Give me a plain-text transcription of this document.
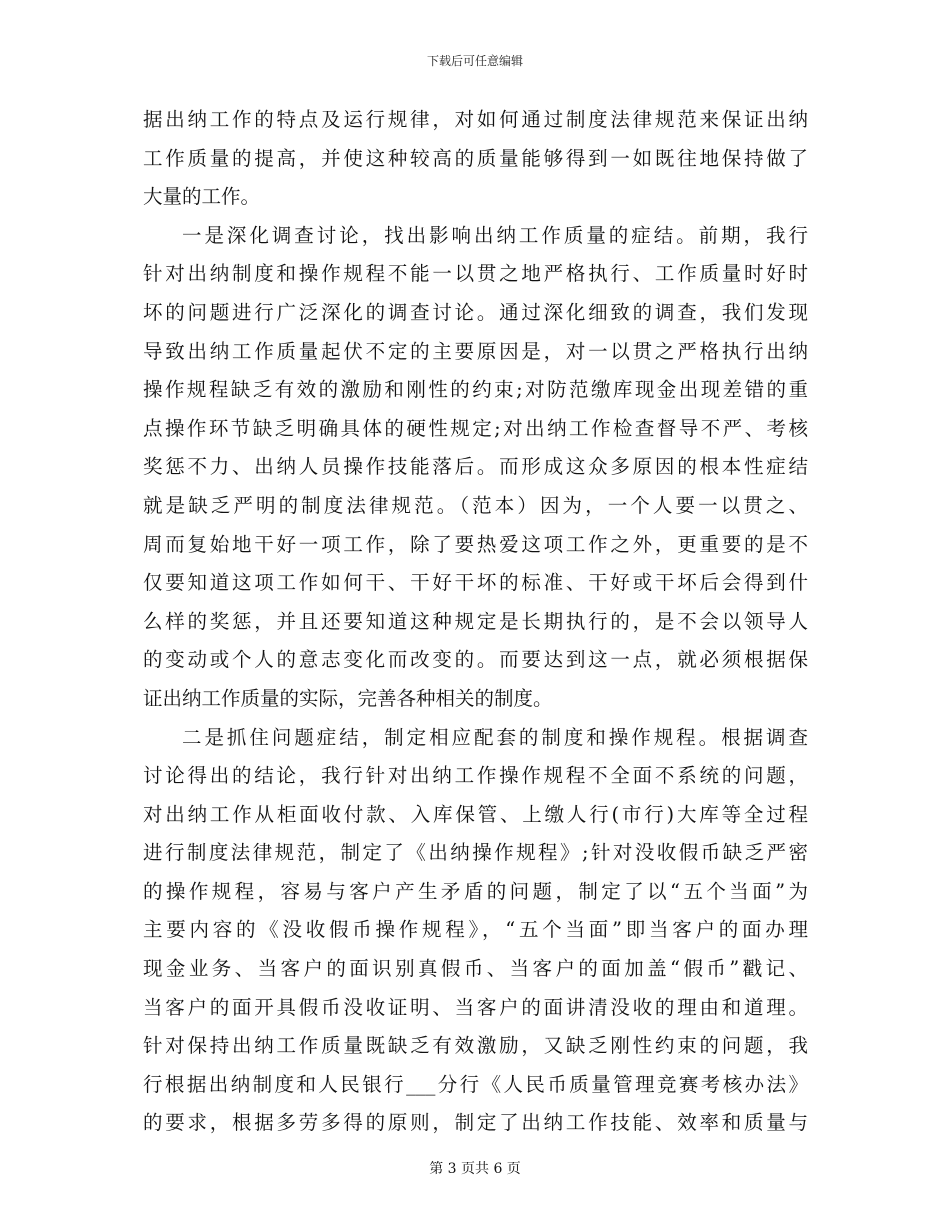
下载后可任意编辑
据出纳工作的特点及运行规律，对如何通过制度法律规范来保证出纳
工作质量的提高，并使这种较高的质量能够得到一如既往地保持做了
大量的工作。
一是深化调查讨论，找出影响出纳工作质量的症结。前期，我行
针对出纳制度和操作规程不能一以贯之地严格执行、工作质量时好时
坏的问题进行广泛深化的调查讨论。通过深化细致的调查，我们发现
导致出纳工作质量起伏不定的主要原因是，对一以贯之严格执行出纳
操作规程缺乏有效的激励和刚性的约束;对防范缴库现金出现差错的重
点操作环节缺乏明确具体的硬性规定;对出纳工作检查督导不严、考核
奖惩不力、出纳人员操作技能落后。而形成这众多原因的根本性症结
就是缺乏严明的制度法律规范。（范本）因为，一个人要一以贯之、
周而复始地干好一项工作，除了要热爱这项工作之外，更重要的是不
仅要知道这项工作如何干、干好干坏的标准、干好或干坏后会得到什
么样的奖惩，并且还要知道这种规定是长期执行的，是不会以领导人
的变动或个人的意志变化而改变的。而要达到这一点，就必须根据保
证出纳工作质量的实际，完善各种相关的制度。
二是抓住问题症结，制定相应配套的制度和操作规程。根据调查
讨论得出的结论，我行针对出纳工作操作规程不全面不系统的问题，
对出纳工作从柜面收付款、入库保管、上缴人行(市行)大库等全过程
进行制度法律规范，制定了《出纳操作规程》;针对没收假币缺乏严密
的操作规程，容易与客户产生矛盾的问题，制定了以“五个当面”为
主要内容的《没收假币操作规程》，“五个当面”即当客户的面办理
现金业务、当客户的面识别真假币、当客户的面加盖“假币”戳记、
当客户的面开具假币没收证明、当客户的面讲清没收的理由和道理。
针对保持出纳工作质量既缺乏有效激励，又缺乏刚性约束的问题，我
行根据出纳制度和人民银行___分行《人民币质量管理竞赛考核办法》
的要求，根据多劳多得的原则，制定了出纳工作技能、效率和质量与
第 3 页共 6 页
